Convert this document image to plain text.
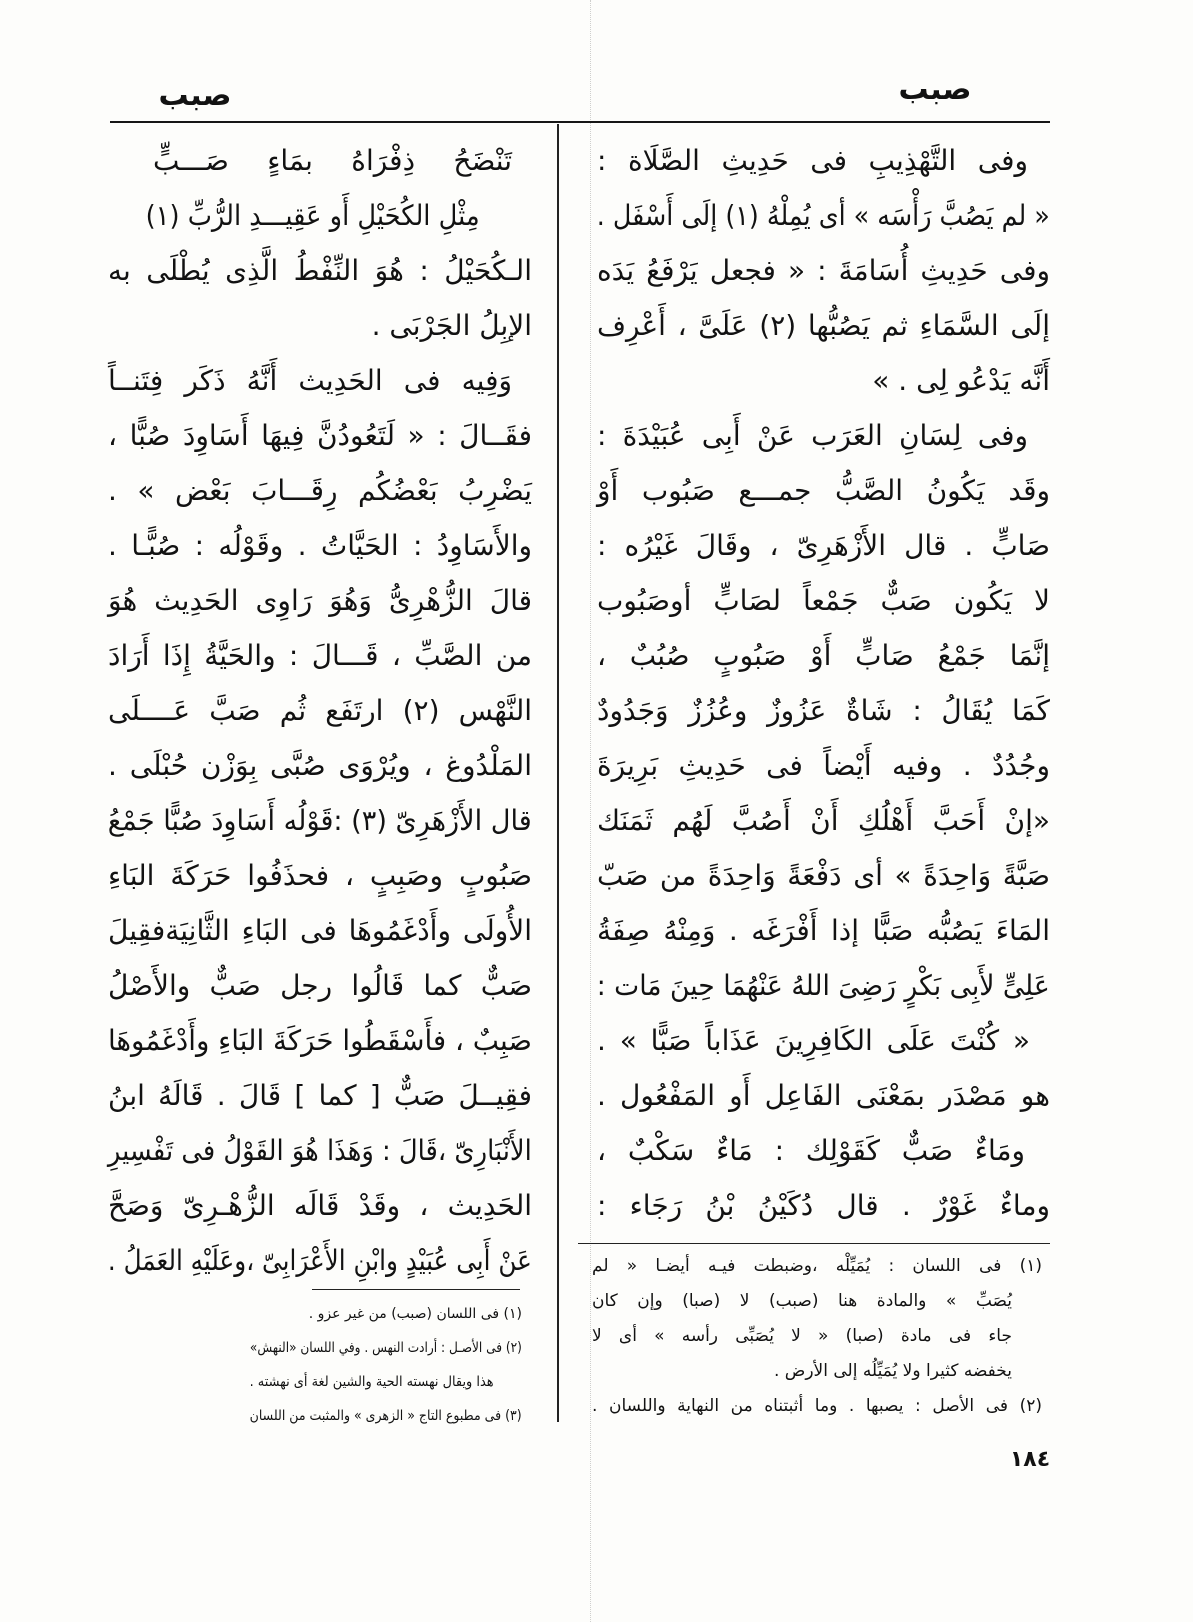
صبب
صبب
وفى التَّهْذِيبِ فى حَدِيثِ الصَّلَاة :
« لم يَصُبَّ رَأْسَه » أى يُمِلْهُ (١) إلَى أَسْفَل .
وفى حَدِيثِ أُسَامَةَ : « فجعل يَرْفَعُ يَدَه
إلَى السَّمَاءِ ثم يَصُبُّها (٢) عَلَىَّ ، أَعْرِف
أَنَّه يَدْعُو لِى . »
وفى لِسَانِ العَرَب عَنْ أَبِى عُبَيْدَةَ :
وقَد يَكُونُ الصَّبُّ جمـــع صَبُوب أَوْ
صَابٍّ . قال الأَزْهَرِىّ ، وقَالَ غَيْرُه :
لا يَكُون صَبٌّ جَمْعاً لصَابٍّ أوصَبُوب
إنَّمَا جَمْعُ صَابٍّ أَوْ صَبُوبٍ صُبُبٌ ،
كَمَا يُقَالُ : شَاةٌ عَزُوزٌ وعُزُزٌ وَجَدُودٌ
وجُدُدٌ . وفيه أَيْضاً فى حَدِيثِ بَرِيرَةَ
«إنْ أَحَبَّ أَهْلُكِ أَنْ أَصُبَّ لَهُم ثَمَنَك
صَبَّةً وَاحِدَةً » أى دَفْعَةً وَاحِدَةً من صَبّ
المَاءَ يَصُبُّه صَبًّا إذا أَفْرَغَه . وَمِنْهُ صِفَةُ
عَلِىٍّ لأَبِى بَكْرٍ رَضِىَ اللهُ عَنْهُمَا حِينَ مَات :
« كُنْتَ عَلَى الكَافِرِينَ عَذَاباً صَبًّا » .
هو مَصْدَر بمَعْنَى الفَاعِل أَو المَفْعُول .
ومَاءٌ صَبٌّ كَقَوْلِك : مَاءٌ سَكْبٌ ،
وماءٌ غَوْرٌ . قال دُكَيْنُ بْنُ رَجَاء :
تَنْضَحُ ذِفْرَاهُ بمَاءٍ صَـــبٍّ
مِثْلِ الكُحَيْلِ أَو عَقِيـــدِ الرُّبِّ (١)
الـكُحَيْلُ : هُوَ النِّفْطُ الَّذِى يُطْلَى به
الإبِلُ الجَرْبَى .
وَفِيه فى الحَدِيث أَنَّهُ ذَكَر فِتَنــاً
فقَــالَ : « لَتَعُودُنَّ فِيهَا أَسَاوِدَ صُبًّا ،
يَضْرِبُ بَعْضُكُم رِقَـــابَ بَعْض » .
والأَسَاوِدُ : الحَيَّاتُ . وقَوْلُه : صُبًّـا .
قالَ الزُّهْرِىُّ وَهُوَ رَاوِى الحَدِيث هُوَ
من الصَّبِّ ، قَـــالَ : والحَيَّةُ إِذَا أَرَادَ
النَّهْس (٢) ارتَفَع ثُم صَبَّ عَــــلَى
المَلْدُوغ ، ويُرْوَى صُبَّى بِوَزْن حُبْلَى .
قال الأَزْهَرِىّ (٣) :قَوْلُه أَسَاوِدَ صُبًّا جَمْعُ
صَبُوبٍ وصَبِبٍ ، فحذَفُوا حَرَكَةَ البَاءِ
الأُولَى وأَدْغَمُوهَا فى البَاءِ الثَّانِيَةفقِيلَ
صَبٌّ كما قَالُوا رجل صَبٌّ والأَصْلُ
صَبِبٌ ، فأَسْقَطُوا حَرَكَةَ البَاءِ وأَدْغَمُوهَا
فقِيــلَ صَبٌّ [ كما ] قَالَ . قَالَهُ ابنُ
الأَنْبَارِىّ ،قَالَ : وَهَذَا هُوَ القَوْلُ فى تَفْسِيرِ
الحَدِيث ، وقَدْ قَالَه الزُّهْـرِىّ وَصَحَّ
عَنْ أَبِى عُبَيْدٍ وابْنِ الأَعْرَابِىّ ،وعَلَيْهِ العَمَلُ .	(١) فى اللسان : يُمَيِّلْه ،وضبطت فيـه أيضـا « لم
يُصَبِّ » والمادة هنا (صبب) لا (صبا) وإن كان
جاء فى مادة (صبا) « لا يُصَبِّى رأسه » أى لا
يخفضه كثيرا ولا يُمَيِّلُه إلى الأرض .
(٢) فى الأصل : يصبها . وما أثبتناه من النهاية واللسان .
(١) فى اللسان (صبب) من غير عزو .
(٢) فى الأصـل : أرادت النهس . وفي اللسان «النهش»
هذا ويقال نهسته الحية والشين لغة أى نهشته .
(٣) فى مطبوع التاج « الزهرى » والمثبت من اللسان
١٨٤
